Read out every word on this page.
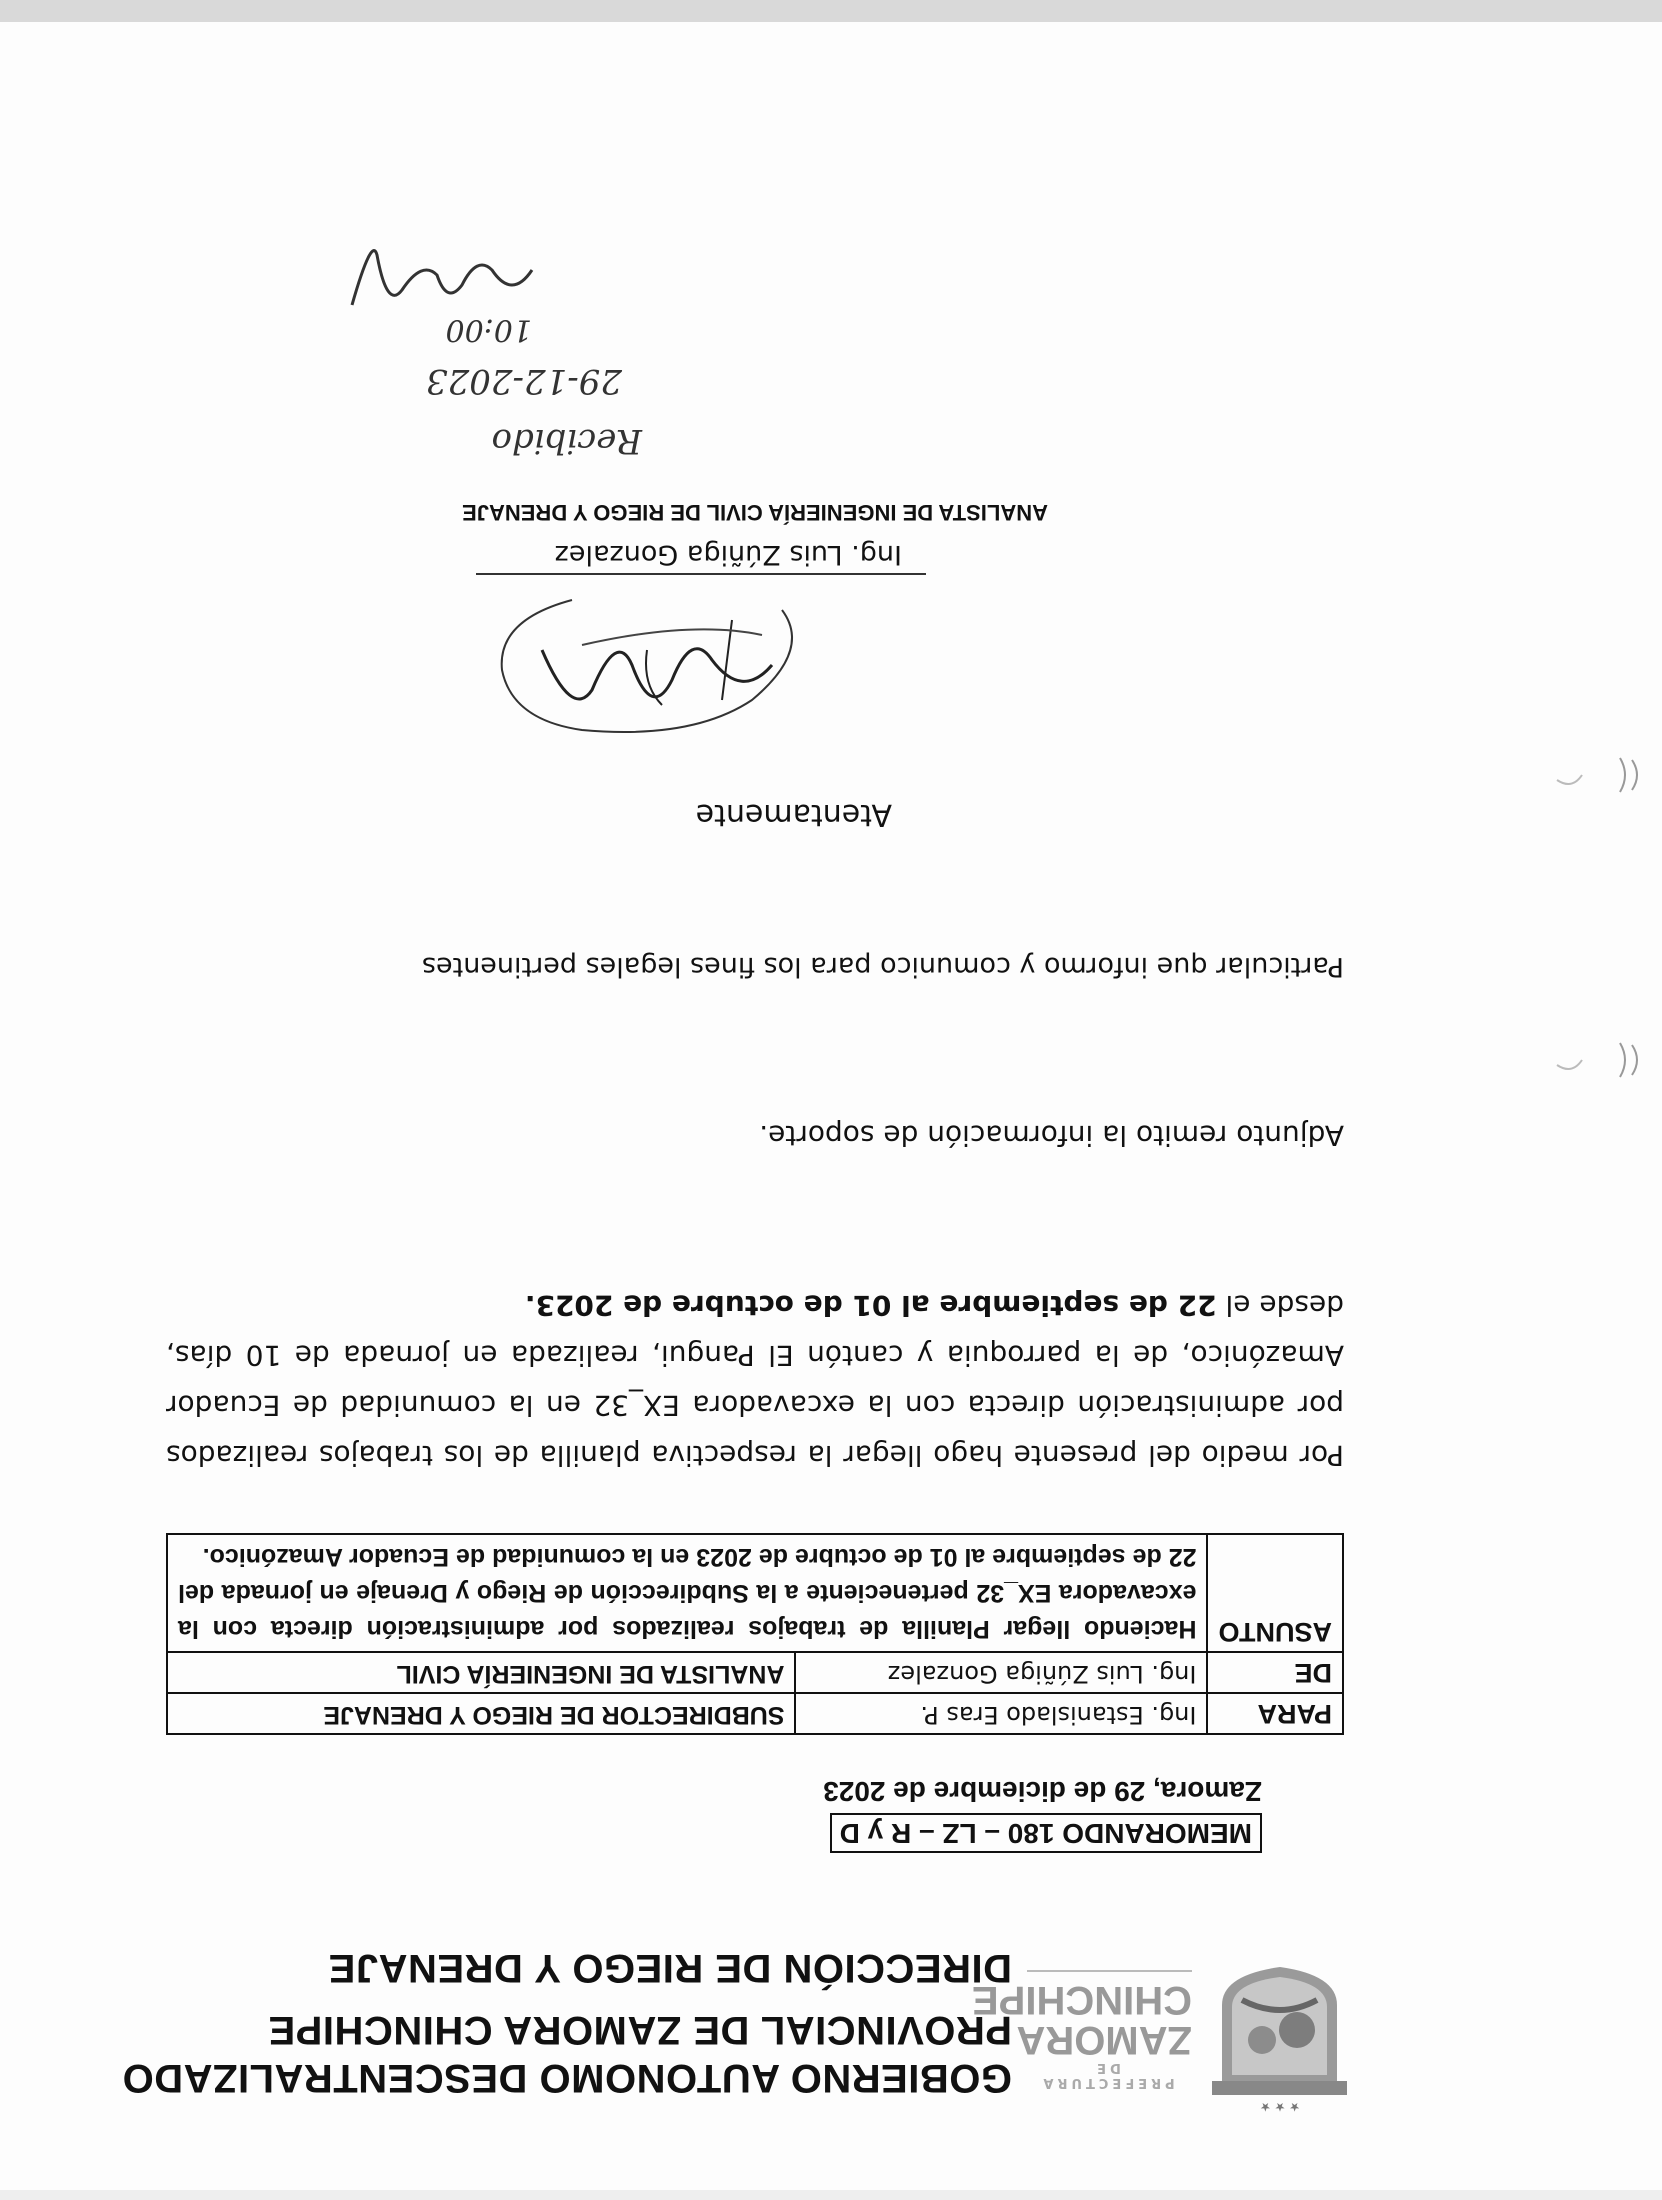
★ ★ ★
PREFECTURA DE
ZAMORA
CHINCHIPE
GOBIERNO AUTONOMO DESCENTRALIZADO
PROVINCIAL DE ZAMORA CHINCHIPE
DIRECCIÓN DE RIEGO Y DRENAJE
MEMORANDO 180 – LZ – R y D
Zamora, 29 de diciembre de 2023
PARA	Ing. Estanislado Eras P.	SUBDIRECTOR DE RIEGO Y DRENAJE
DE	Ing. Luis Zúñiga Gonzalez	ANALISTA DE INGENIERÍA CIVIL
ASUNTO	Haciendo llegar Planilla de trabajos realizados por administración directa con la excavadora EX_32 perteneciente a la Subdirección de Riego y Drenaje en jornada del 22 de septiembre al 01 de octubre de 2023 en la comunidad de Ecuador Amazónico.	
Por medio del presente hago llegar la respectiva planilla de los trabajos realizados por administración directa con la excavadora EX_32 en la comunidad de Ecuador Amazónico, de la parroquia y cantón El Pangui, realizada en jornada de 10 días, desde el 22 de septiembre al 01 de octubre de 2023.
Adjunto remito la información de soporte.
Particular que informo y comunico para los fines legales pertinentes
Atentamente
Ing. Luis Zúñiga Gonzalez
ANALISTA DE INGENIERÍA CIVIL DE RIEGO Y DRENAJE
Recibido
29-12-2023
10:00
